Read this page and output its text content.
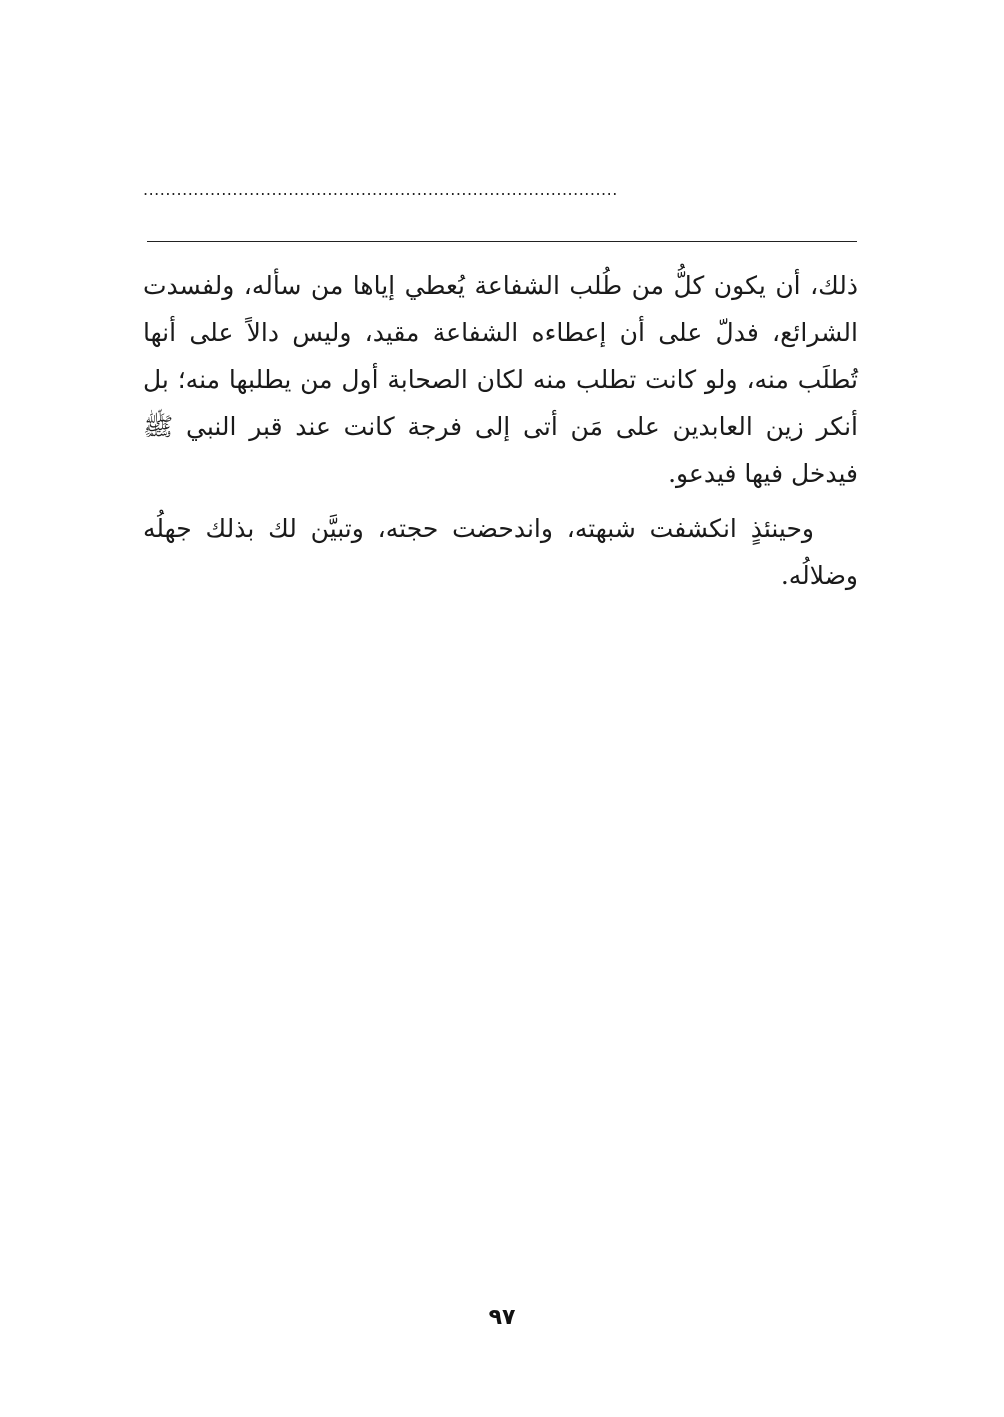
.....................................................................................

ذلك، أن يكون كلُّ من طُلب الشفاعة يُعطي إياها من سأله، ولفسدت الشرائع، فدلّ على أن إعطاءه الشفاعة مقيد، وليس دالاً على أنها تُطلَب منه، ولو كانت تطلب منه لكان الصحابة أول من يطلبها منه؛ بل أنكر زين العابدين على مَن أتى إلى فرجة كانت عند قبر النبي ﷺ فيدخل فيها فيدعو.

وحينئذٍ انكشفت شبهته، واندحضت حجته، وتبيَّن لك بذلك جهلُه وضلالُه.

٩٧
